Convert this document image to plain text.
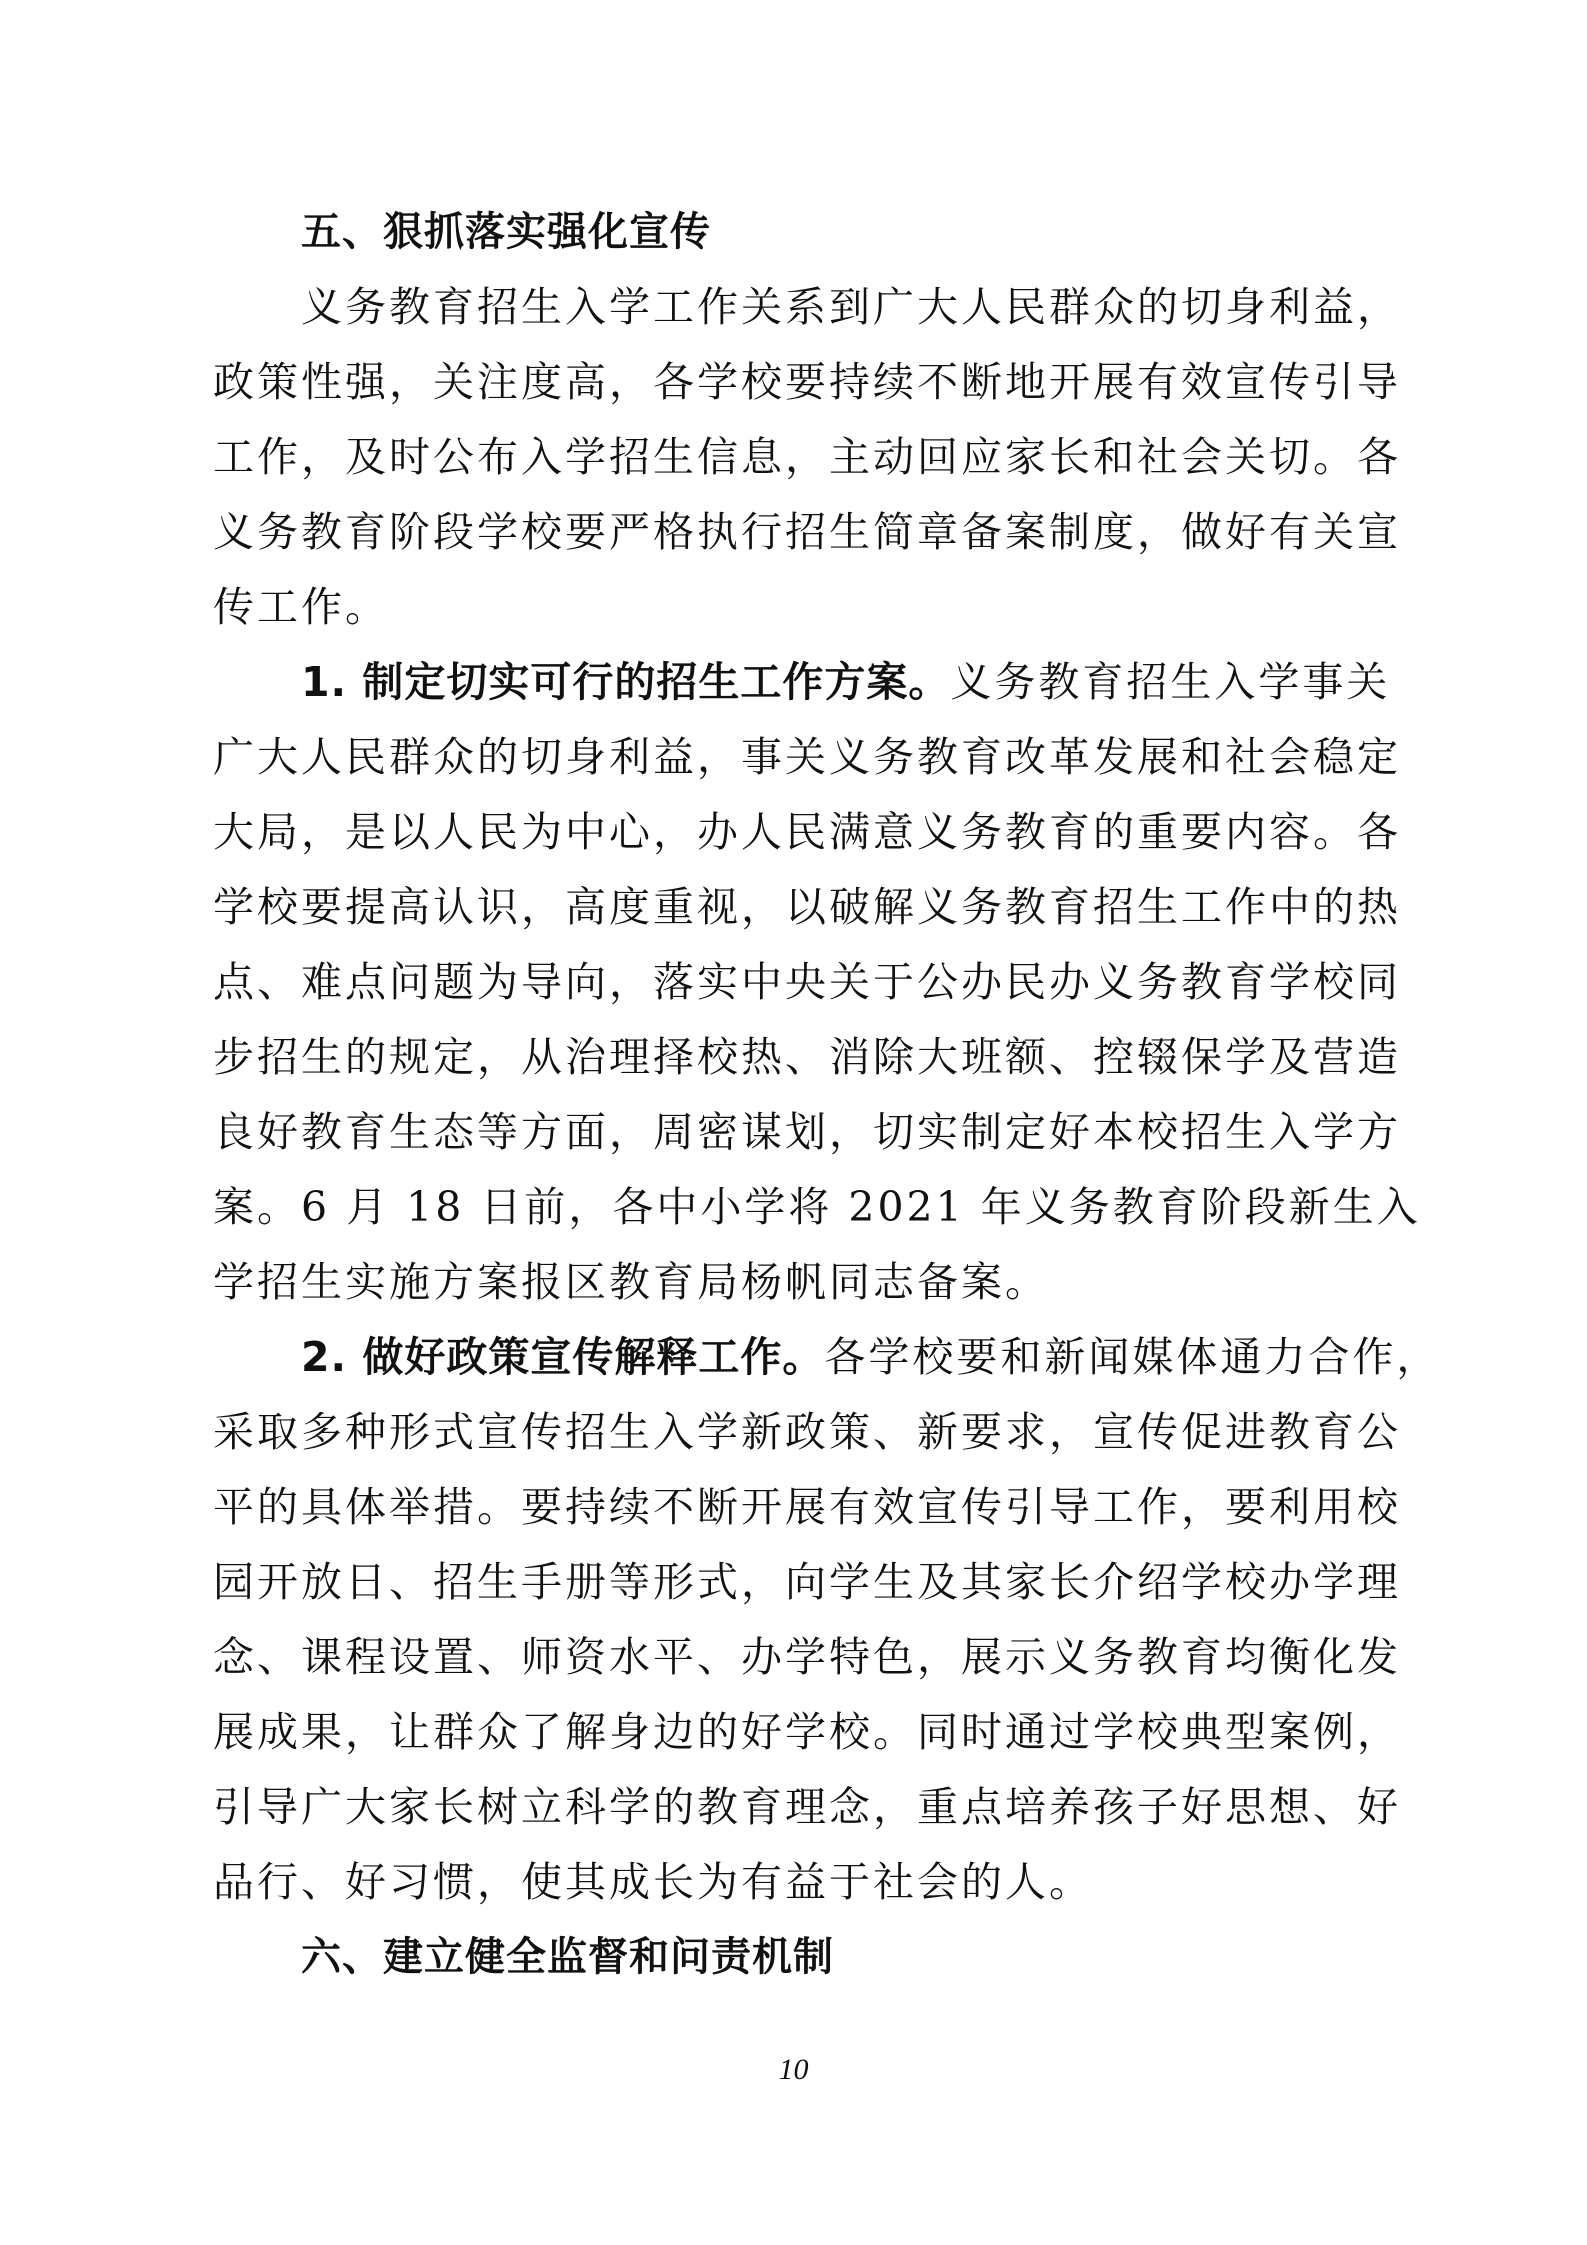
五、狠抓落实强化宣传
义务教育招生入学工作关系到广大人民群众的切身利益，
政策性强，关注度高，各学校要持续不断地开展有效宣传引导
工作，及时公布入学招生信息，主动回应家长和社会关切。各
义务教育阶段学校要严格执行招生简章备案制度，做好有关宣
传工作。
1. 制定切实可行的招生工作方案。义务教育招生入学事关
广大人民群众的切身利益，事关义务教育改革发展和社会稳定
大局，是以人民为中心，办人民满意义务教育的重要内容。各
学校要提高认识，高度重视，以破解义务教育招生工作中的热
点、难点问题为导向，落实中央关于公办民办义务教育学校同
步招生的规定，从治理择校热、消除大班额、控辍保学及营造
良好教育生态等方面，周密谋划，切实制定好本校招生入学方
案。6 月 18 日前，各中小学将 2021 年义务教育阶段新生入
学招生实施方案报区教育局杨帆同志备案。
2. 做好政策宣传解释工作。各学校要和新闻媒体通力合作，
采取多种形式宣传招生入学新政策、新要求，宣传促进教育公
平的具体举措。要持续不断开展有效宣传引导工作，要利用校
园开放日、招生手册等形式，向学生及其家长介绍学校办学理
念、课程设置、师资水平、办学特色，展示义务教育均衡化发
展成果，让群众了解身边的好学校。同时通过学校典型案例，
引导广大家长树立科学的教育理念，重点培养孩子好思想、好
品行、好习惯，使其成长为有益于社会的人。
六、建立健全监督和问责机制
10
